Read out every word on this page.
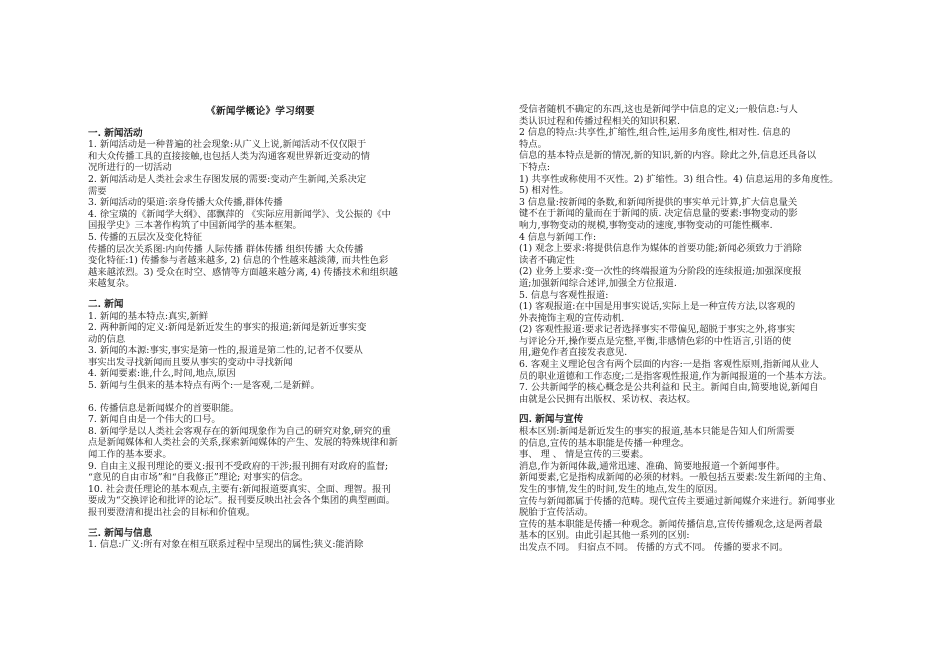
《新闻学概论》学习纲要
一. 新闻活动
1. 新闻活动是一种普遍的社会现象:从广义上说,新闻活动不仅仅限于
和大众传播工具的直接接触,也包括人类为沟通客观世界新近变动的情
况所进行的一切活动
2. 新闻活动是人类社会求生存图发展的需要:变动产生新闻,关系决定
需要
3. 新闻活动的渠道:亲身传播大众传播,群体传播
4. 徐宝璜的《新闻学大纲》、邵飘萍的 《实际应用新闻学》、戈公振的《中
国报学史》三本著作构筑了中国新闻学的基本框架。
5. 传播的五层次及变化特征
传播的层次关系图:内向传播 人际传播 群体传播 组织传播 大众传播
变化特征:1) 传播参与者越来越多, 2) 信息的个性越来越淡薄, 而共性色彩
越来越浓烈。3) 受众在时空、感情等方面越来越分离, 4) 传播技术和组织越
来越复杂。
二. 新闻
1. 新闻的基本特点:真实,新鲜
2. 两种新闻的定义:新闻是新近发生的事实的报道;新闻是新近事实变
动的信息
3. 新闻的本源:事实,事实是第一性的,报道是第二性的,记者不仅要从
事实出发寻找新闻而且要从事实的变动中寻找新闻
4. 新闻要素:谁,什么,时间,地点,原因
5. 新闻与生俱来的基本特点有两个:一是客观,二是新鲜。
6. 传播信息是新闻媒介的首要职能。
7. 新闻自由是一个伟大的口号。
8. 新闻学是以人类社会客观存在的新闻现象作为自己的研究对象,研究的重
点是新闻媒体和人类社会的关系,探索新闻媒体的产生、发展的特殊规律和新
闻工作的基本要求。
9. 自由主义报刊理论的要义:报刊不受政府的干涉;报刊拥有对政府的监督;
“意见的自由市场”和“自我修正”理论; 对事实的信念。
10. 社会责任理论的基本观点,主要有:新闻报道要真实、全面、理智。报刊
要成为“交换评论和批评的论坛”。报刊要反映出社会各个集团的典型画面。
报刊要澄清和提出社会的目标和价值观。
三. 新闻与信息
1. 信息:广义:所有对象在相互联系过程中呈现出的属性;狭义:能消除
受信者随机不确定的东西,这也是新闻学中信息的定义;一般信息:与人
类认识过程和传播过程相关的知识积累.
2 信息的特点:共享性,扩缩性,组合性,运用多角度性,相对性. 信息的
特点。
信息的基本特点是新的情况,新的知识,新的内容。除此之外,信息还具备以
下特点:
1) 共享性或称使用不灭性。2) 扩缩性。3) 组合性。4) 信息运用的多角度性。
5) 相对性。
3 信息量:按新闻的条数,和新闻所提供的事实单元计算,扩大信息量关
键不在于新闻的量而在于新闻的质. 决定信息量的要素:事物变动的影
响力,事物变动的规模,事物变动的速度,事物变动的可能性概率.
4 信息与新闻工作:
(1) 观念上要求:将提供信息作为媒体的首要功能;新闻必须致力于消除
读者不确定性
(2) 业务上要求:变一次性的终端报道为分阶段的连续报道;加强深度报
道;加强新闻综合述评,加强全方位报道.
5. 信息与客观性报道:
(1) 客观报道:在中国是用事实说话,实际上是一种宣传方法,以客观的
外表掩饰主观的宣传动机.
(2) 客观性报道:要求记者选择事实不带偏见,超脱于事实之外,将事实
与评论分开,操作要点是完整,平衡,非感情色彩的中性语言,引语的使
用,避免作者直接发表意见.
6. 客观主义理论包含有两个层面的内容:一是指 客观性原则,指新闻从业人
员的职业道德和工作态度;二是指客观性报道,作为新闻报道的一个基本方法。
7. 公共新闻学的核心概念是公共利益和 民主。新闻自由,简要地说,新闻自
由就是公民拥有出版权、采访权、表达权。
四. 新闻与宣传
根本区别:新闻是新近发生的事实的报道,基本只能是告知人们所需要
的信息,宣传的基本职能是传播一种理念。
事、 理 、 情是宣传的三要素。
消息,作为新闻体裁,通常迅速、准确、简要地报道一个新闻事件。
新闻要素,它是指构成新闻的必须的材料。一般包括五要素:发生新闻的主角、
发生的事情,发生的时间,发生的地点,发生的原因。
宣传与新闻都属于传播的范畴。现代宣传主要通过新闻媒介来进行。新闻事业
脱胎于宣传活动。
宣传的基本职能是传播一种观念。新闻传播信息,宣传传播观念,这是两者最
基本的区别。由此引起其他一系列的区别:
出发点不同。 归宿点不同。 传播的方式不同。 传播的要求不同。
